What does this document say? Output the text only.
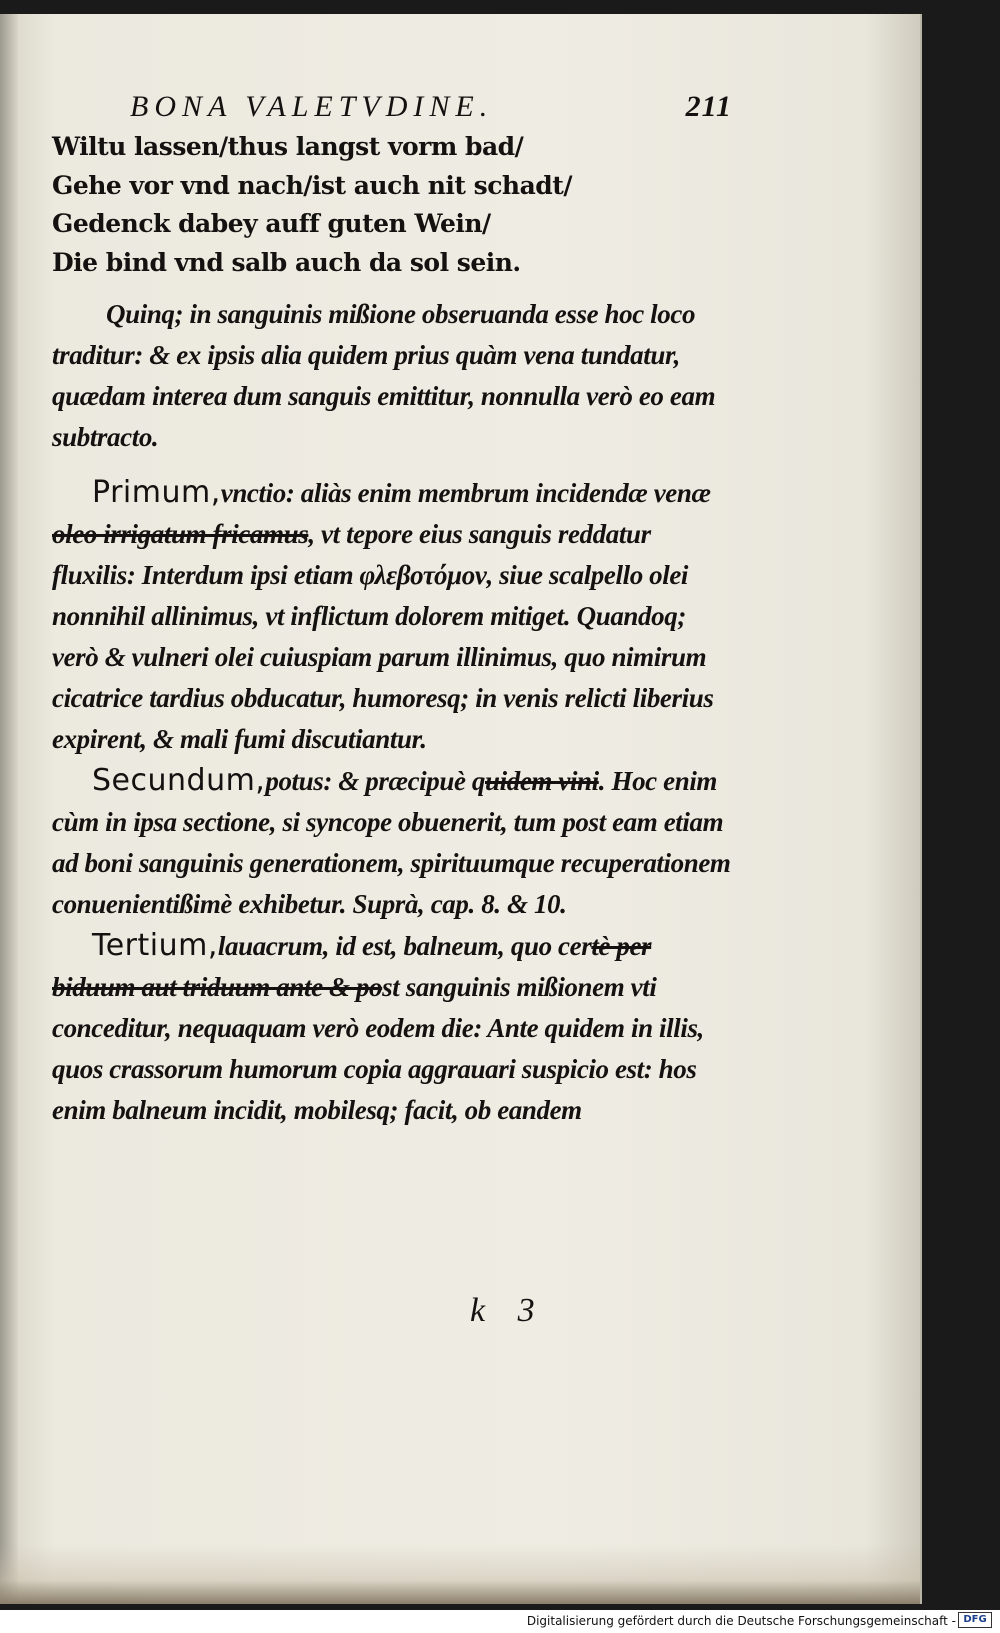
BONA VALETVDINE.	211

Wiltu lassen/thus langst vorm bad/

Gehe vor vnd nach/ist auch nit schadt/

Gedenck dabey auff guten Wein/

Die bind vnd salb auch da sol sein.

Quinq; in sanguinis mißione obseruanda esse hoc loco traditur: & ex ipsis alia quidem prius quàm vena tundatur, quædam interea dum sanguis emittitur, nonnulla verò eo eam subtracto.

Primum,vnctio: aliàs enim membrum incidendæ venæ oleo irrigatum fricamus, vt tepore eius sanguis reddatur fluxilis: Interdum ipsi etiam φλεβοτόμον, siue scalpello olei nonnihil allinimus, vt inflictum dolorem mitiget. Quandoq; verò & vulneri olei cuiuspiam parum illinimus, quo nimirum cicatrice tardius obducatur, humoresq; in venis relicti liberius expirent, & mali fumi discutiantur.

Secundum,potus: & præcipuè quidem vini. Hoc enim cùm in ipsa sectione, si syncope obuenerit, tum post eam etiam ad boni sanguinis generationem, spirituumque recuperationem conuenientißimè exhibetur. Suprà, cap. 8. & 10.

Tertium,lauacrum, id est, balneum, quo certè per biduum aut triduum ante & post sanguinis mißionem vti conceditur, nequaquam verò eodem die: Ante quidem in illis, quos crassorum humorum copia aggrauari suspicio est: hos enim balneum incidit, mobilesq; facit, ob eandem

k 3
Digitalisierung gefördert durch die Deutsche Forschungsgemeinschaft - DFG
